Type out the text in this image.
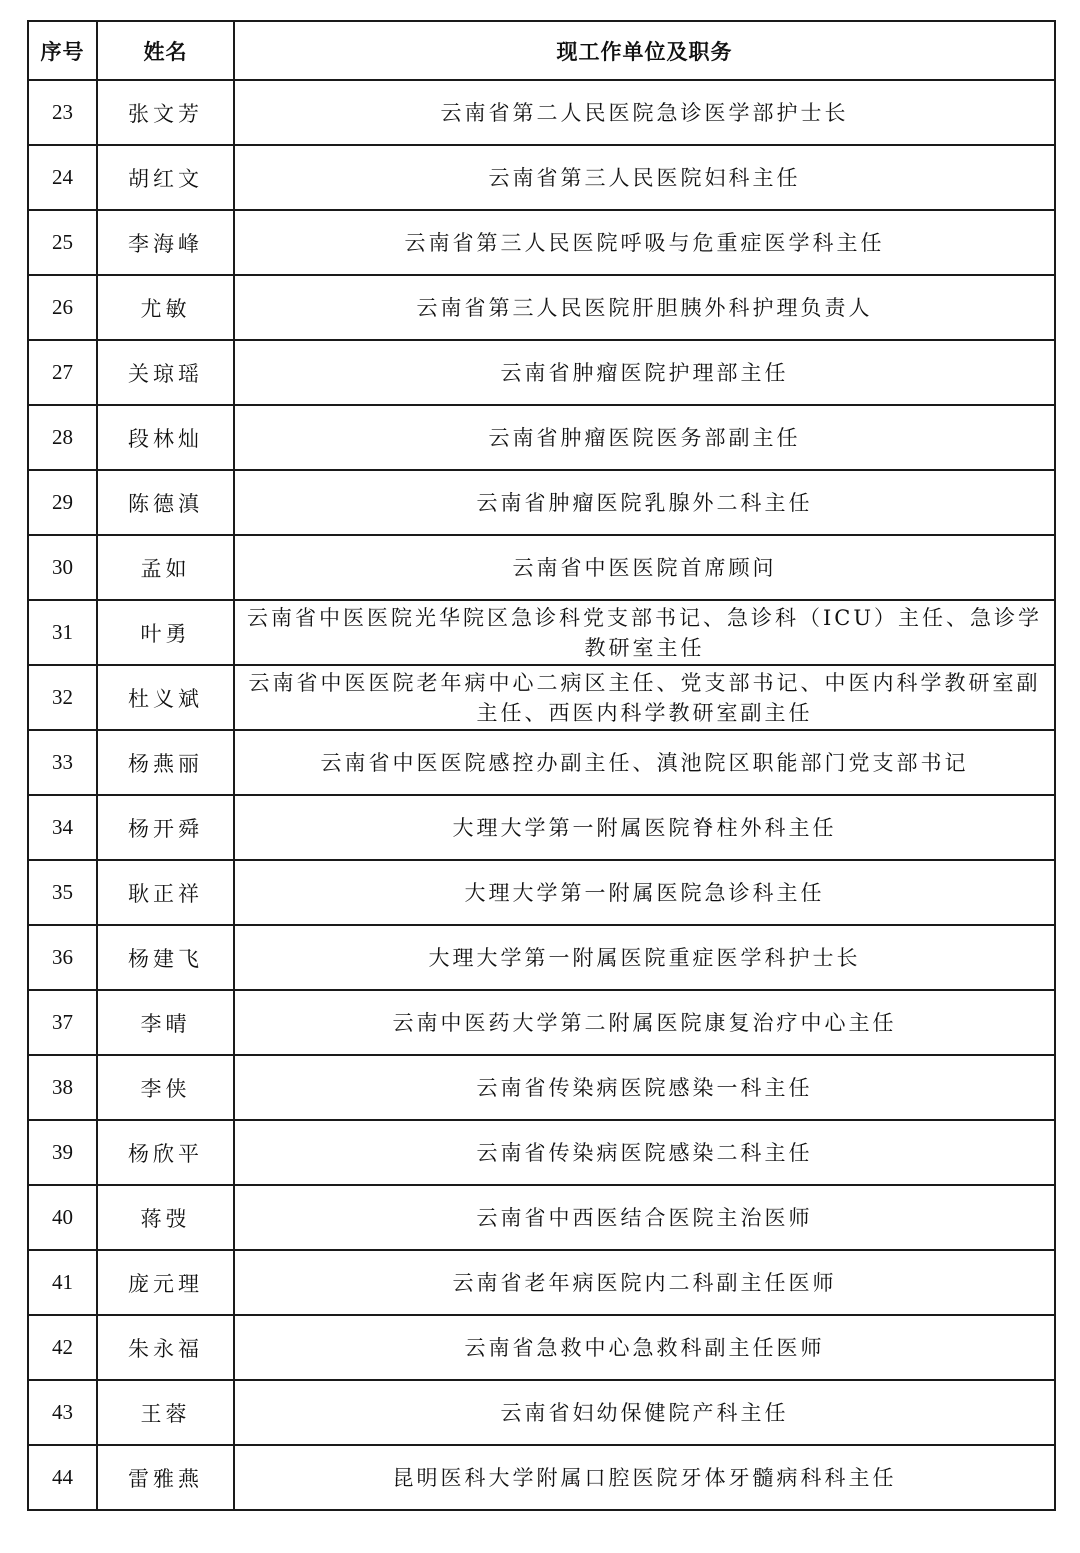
序号	姓名	现工作单位及职务
23	张文芳	云南省第二人民医院急诊医学部护士长
24	胡红文	云南省第三人民医院妇科主任
25	李海峰	云南省第三人民医院呼吸与危重症医学科主任
26	尤敏	云南省第三人民医院肝胆胰外科护理负责人
27	关琼瑶	云南省肿瘤医院护理部主任
28	段林灿	云南省肿瘤医院医务部副主任
29	陈德滇	云南省肿瘤医院乳腺外二科主任
30	孟如	云南省中医医院首席顾问
31	叶勇	云南省中医医院光华院区急诊科党支部书记、急诊科（ICU）主任、急诊学教研室主任
32	杜义斌	云南省中医医院老年病中心二病区主任、党支部书记、中医内科学教研室副主任、西医内科学教研室副主任
33	杨燕丽	云南省中医医院感控办副主任、滇池院区职能部门党支部书记
34	杨开舜	大理大学第一附属医院脊柱外科主任
35	耿正祥	大理大学第一附属医院急诊科主任
36	杨建飞	大理大学第一附属医院重症医学科护士长
37	李晴	云南中医药大学第二附属医院康复治疗中心主任
38	李侠	云南省传染病医院感染一科主任
39	杨欣平	云南省传染病医院感染二科主任
40	蒋弢	云南省中西医结合医院主治医师
41	庞元理	云南省老年病医院内二科副主任医师
42	朱永福	云南省急救中心急救科副主任医师
43	王蓉	云南省妇幼保健院产科主任
44	雷雅燕	昆明医科大学附属口腔医院牙体牙髓病科科主任
